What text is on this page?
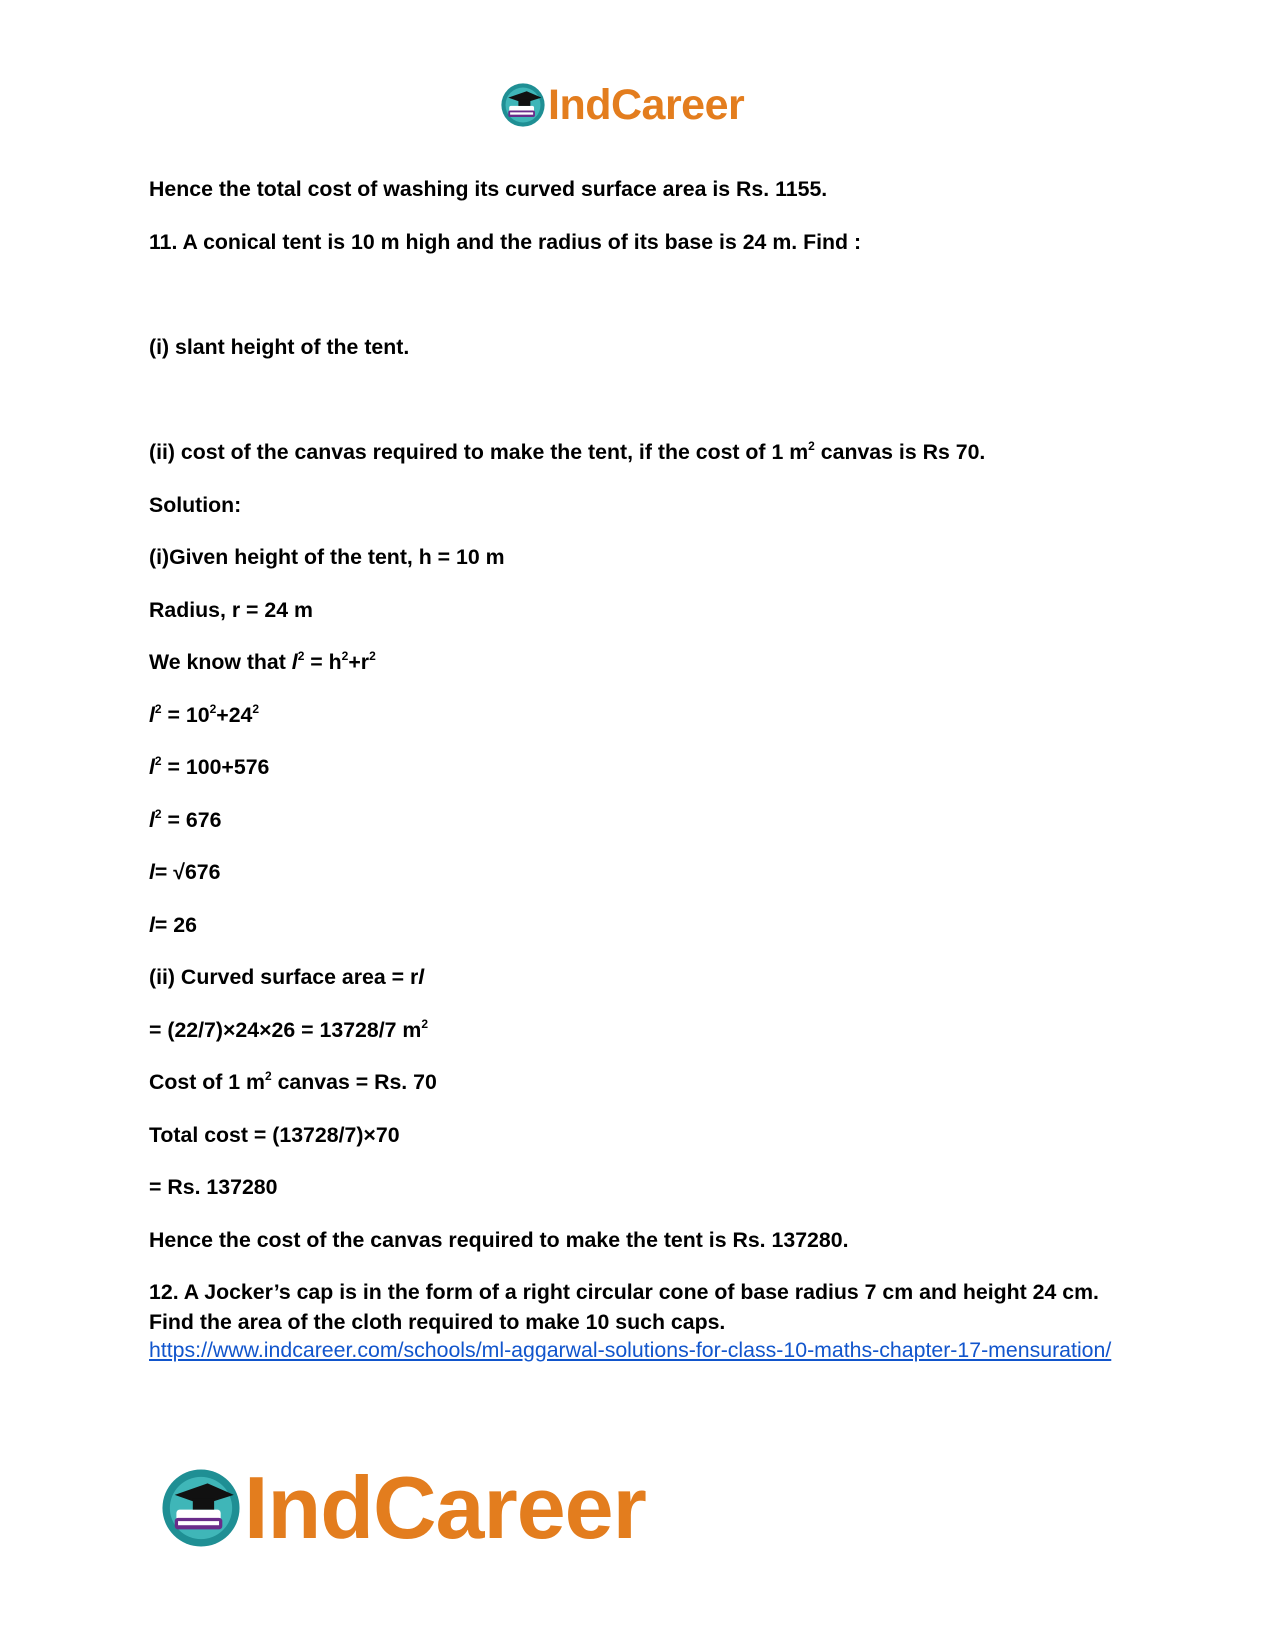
IndCareer
Hence the total cost of washing its curved surface area is Rs. 1155.
11. A conical tent is 10 m high and the radius of its base is 24 m. Find :
(i) slant height of the tent.
(ii) cost of the canvas required to make the tent, if the cost of 1 $m^2$ canvas is Rs 70.
Solution:
(i)Given height of the tent, h = 10 m
Radius, r = 24 m
We know that $l^2 = h^2+r^2$
$l^2 = 10^2+24^2$
$l^2 = 100+576$
$l^2 = 676$
l= √676
l= 26
(ii) Curved surface area = rl
= (22/7)×24×26 = 13728/7 $m^2$
Cost of 1 $m^2$ canvas = Rs. 70
Total cost = (13728/7)×70
= Rs. 137280
Hence the cost of the canvas required to make the tent is Rs. 137280.
12. A Jocker’s cap is in the form of a right circular cone of base radius 7 cm and height 24 cm. Find the area of the cloth required to make 10 such caps.
https://www.indcareer.com/schools/ml-aggarwal-solutions-for-class-10-maths-chapter-17-mensuration/
IndCareer
